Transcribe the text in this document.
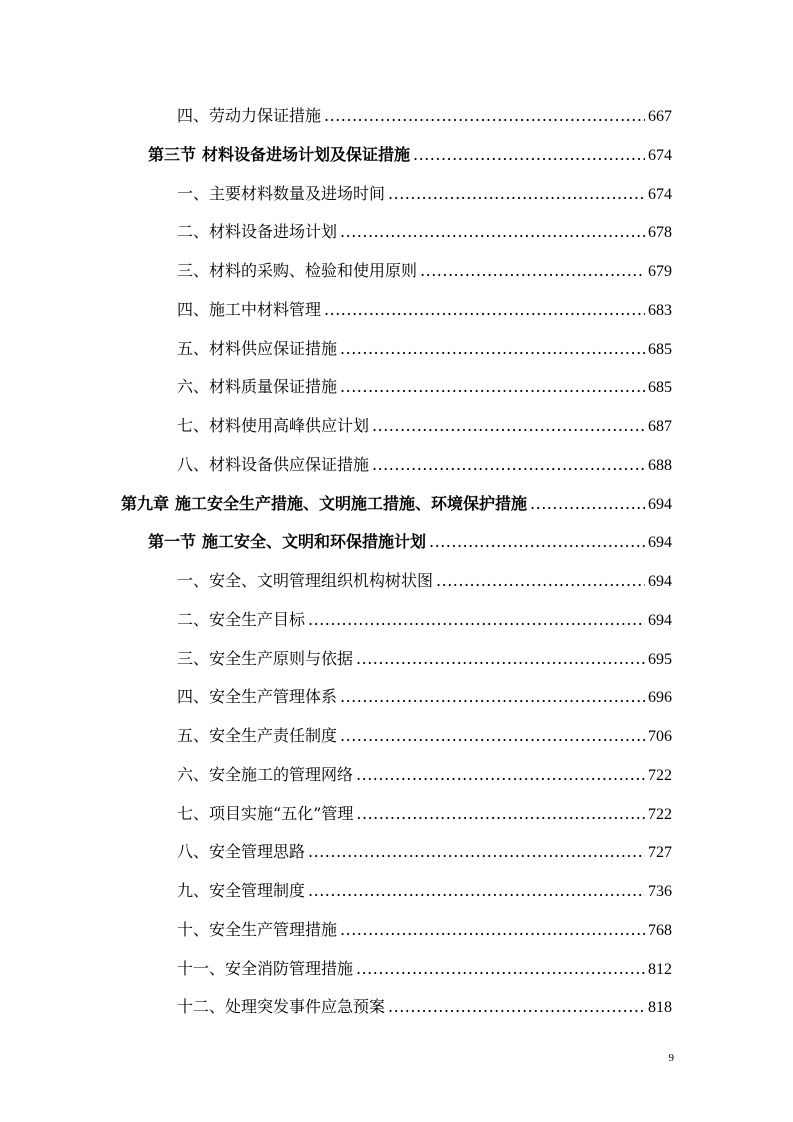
四、 劳动力保证措施 .....	667
第三节 材料设备进场计划及保证措施 .....	674
一、 主要材料数量及进场时间 .....	674
二、 材料设备进场计划 .....	678
三、 材料的采购、检验和使用原则 .....	679
四、 施工中材料管理 .....	683
五、 材料供应保证措施 .....	685
六、 材料质量保证措施 .....	685
七、 材料使用高峰供应计划 .....	687
八、 材料设备供应保证措施 .....	688
第九章 施工安全生产措施、文明施工措施、环境保护措施 .....	694
第一节 施工安全、文明和环保措施计划 .....	694
一、 安全、文明管理组织机构树状图 .....	694
二、 安全生产目标 .....	694
三、 安全生产原则与依据 .....	695
四、 安全生产管理体系 .....	696
五、 安全生产责任制度 .....	706
六、 安全施工的管理网络 .....	722
七、 项目实施“五化”管理 .....	722
八、 安全管理思路 .....	727
九、 安全管理制度 .....	736
十、 安全生产管理措施 .....	768
十一、 安全消防管理措施 .....	812
十二、 处理突发事件应急预案 .....	818
9
